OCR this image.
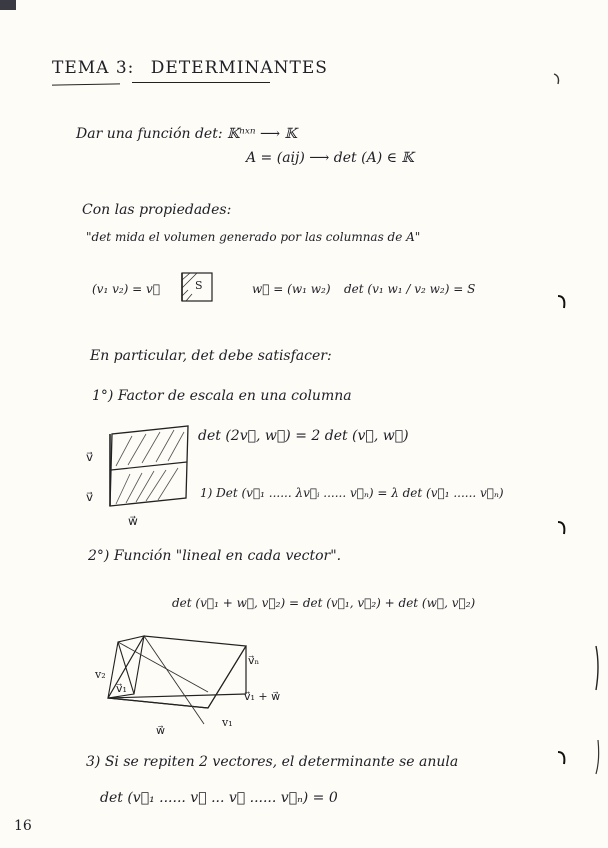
TEMA 3: DETERMINANTES
Dar una función det: 𝕂ⁿˣⁿ ⟶ 𝕂
A = (aij) ⟶ det (A) ∈ 𝕂
Con las propiedades:
"det mida el volumen generado por las columnas de A"
(v₁ v₂) = v⃗	S	w⃗ = (w₁ w₂) det (v₁ w₁ / v₂ w₂) = S
En particular, det debe satisfacer:
1°) Factor de escala en una columna
v⃗
v⃗
w⃗
det (2v⃗, w⃗) = 2 det (v⃗, w⃗)
1) Det (v⃗₁ ...... λv⃗ᵢ ...... v⃗ₙ) = λ det (v⃗₁ ...... v⃗ₙ)
2°) Función "lineal en cada vector".
det (v⃗₁ + w⃗, v⃗₂) = det (v⃗₁, v⃗₂) + det (w⃗, v⃗₂)
v₂
v⃗₁
v⃗ₙ
v⃗₁ + w⃗
w⃗
v₁
3) Si se repiten 2 vectores, el determinante se anula
det (v⃗₁ ...... v⃗ ... v⃗ ...... v⃗ₙ) = 0
16
